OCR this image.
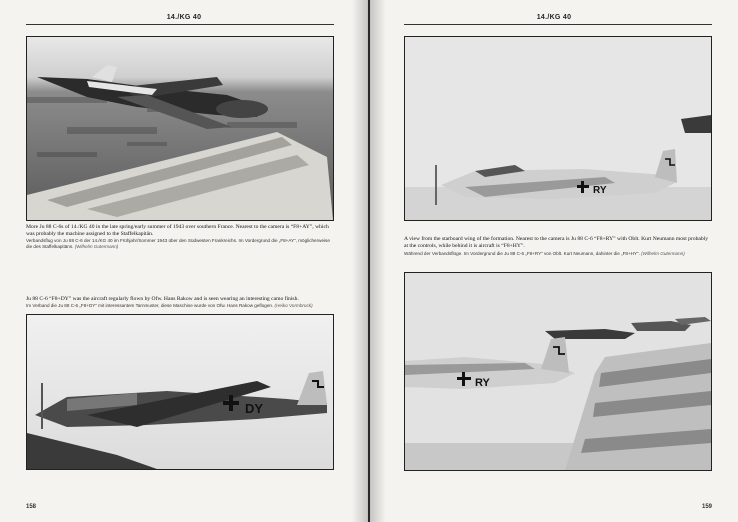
14./KG 40
More Ju 88 C-6s of 14./KG 40 in the late spring/early summer of 1943 over southern France. Nearest to the camera is “F8+AY”, which was probably the machine assigned to the Staffelkapitän.
Verbandsflug von Ju 88 C-6 der 14./KG 40 im Frühjahr/Sommer 1943 über den Südwesten Frankreichs. Im Vordergrund die „F8+AY“, möglicherweise die des Staffelkapitäns. (Wilhelm Gutermann)
Ju 88 C-6 “F8+DY” was the aircraft regularly flown by Ofw. Hans Rakow and is seen wearing an interesting camo finish.
Im Verband die Ju 88 C-6 „F8+DY“ mit interessantem Tarnmuster, diese Maschine wurde von Ofw. Hans Rakow geflogen. (Heiko Vormbrock)
DY
158
14./KG 40
RY
A view from the starboard wing of the formation. Nearest to the camera is Ju 88 C-6 “F8+RY” with Oblt. Kurt Neumann most probably at the controls, while behind it is aircraft is “F8+HY”.
Während der Verbandsflüge. Im Vordergrund die Ju 88 C-6 „F8+RY“ von Oblt. Kurt Neumann, dahinter die „F8+HY“. (Wilhelm Gutermann)
RY
159
